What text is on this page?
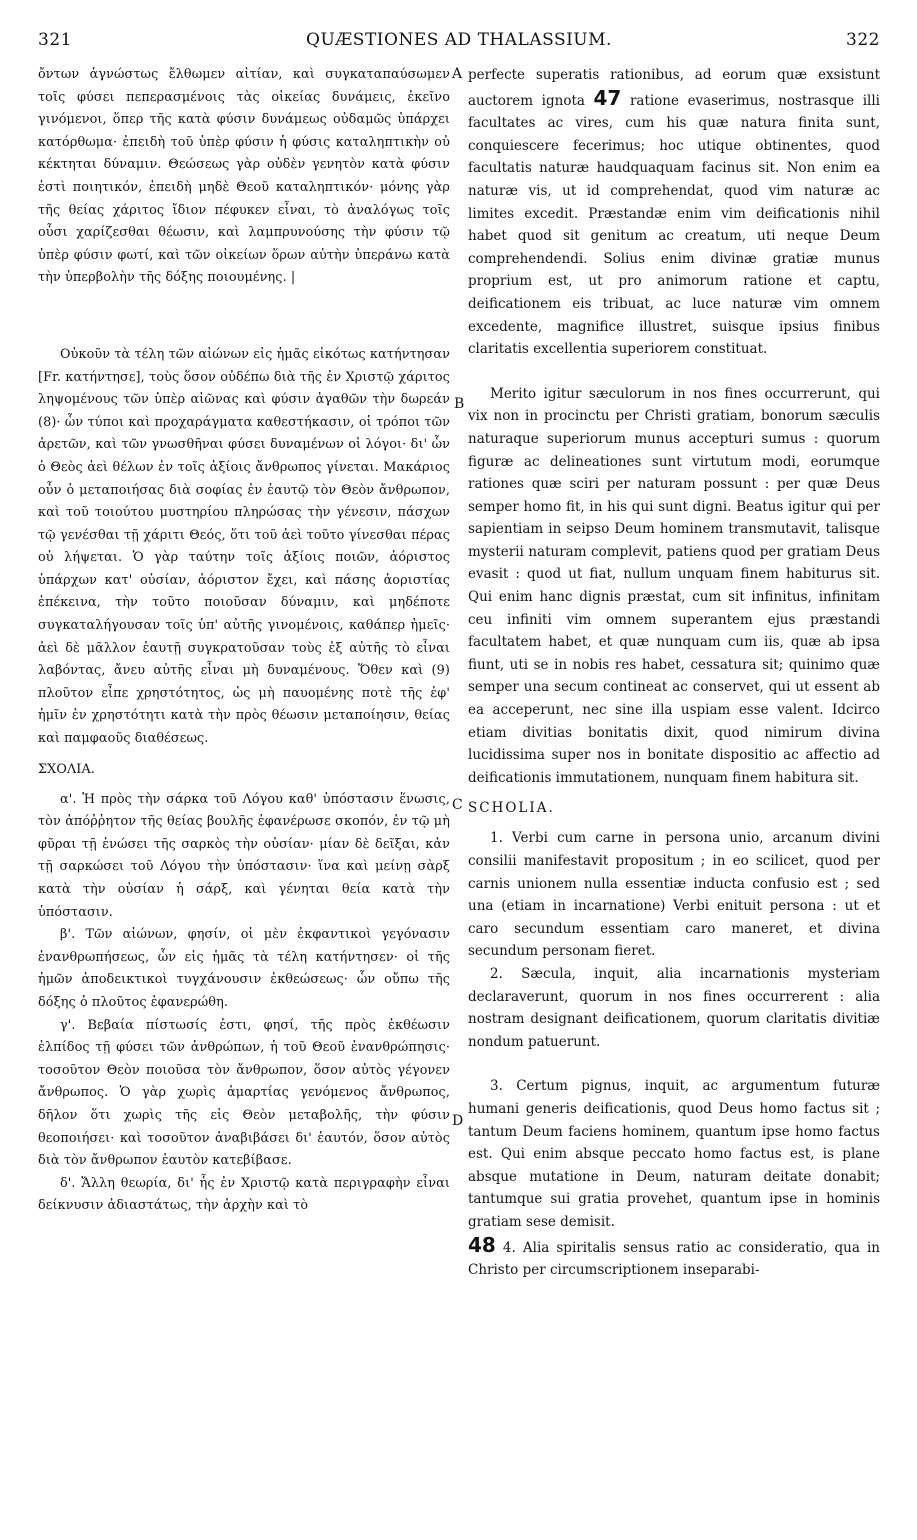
321	QUÆSTIONES AD THALASSIUM.	322
A
B
C
D

ὄντων ἀγνώστως ἔλθωμεν αἰτίαν, καὶ συγκαταπαύσωμεν τοῖς φύσει πεπερασμένοις τὰς οἰκείας δυνάμεις, ἐκεῖνο γινόμενοι, ὅπερ τῆς κατὰ φύσιν δυνάμεως οὐδαμῶς ὑπάρχει κατόρθωμα· ἐπειδὴ τοῦ ὑπὲρ φύσιν ἡ φύσις καταληπτικὴν οὐ κέκτηται δύναμιν. Θεώσεως γὰρ οὐδὲν γενητὸν κατὰ φύσιν ἐστὶ ποιητικόν, ἐπειδὴ μηδὲ Θεοῦ καταληπτικόν· μόνης γὰρ τῆς θείας χάριτος ἴδιον πέφυκεν εἶναι, τὸ ἀναλόγως τοῖς οὖσι χαρίζεσθαι θέωσιν, καὶ λαμπρυνούσης τὴν φύσιν τῷ ὑπὲρ φύσιν φωτί, καὶ τῶν οἰκείων ὅρων αὐτὴν ὑπεράνω κατὰ τὴν ὑπερβολὴν τῆς δόξης ποιουμένης. |

Οὐκοῦν τὰ τέλη τῶν αἰώνων εἰς ἡμᾶς εἰκότως κατήντησαν [Fr. κατήντησε], τοὺς ὅσον οὐδέπω διὰ τῆς ἐν Χριστῷ χάριτος ληψομένους τῶν ὑπὲρ αἰῶνας καὶ φύσιν ἀγαθῶν τὴν δωρεάν (8)· ὧν τύποι καὶ προχαράγματα καθεστήκασιν, οἱ τρόποι τῶν ἀρετῶν, καὶ τῶν γνωσθῆναι φύσει δυναμένων οἱ λόγοι· δι' ὧν ὁ Θεὸς ἀεὶ θέλων ἐν τοῖς ἀξίοις ἄνθρωπος γίνεται. Μακάριος οὖν ὁ μεταποιήσας διὰ σοφίας ἐν ἑαυτῷ τὸν Θεὸν ἄνθρωπον, καὶ τοῦ τοιούτου μυστηρίου πληρώσας τὴν γένεσιν, πάσχων τῷ γενέσθαι τῇ χάριτι Θεός, ὅτι τοῦ ἀεὶ τοῦτο γίνεσθαι πέρας οὐ λήψεται. Ὁ γὰρ ταύτην τοῖς ἀξίοις ποιῶν, ἀόριστος ὑπάρχων κατ' οὐσίαν, ἀόριστον ἔχει, καὶ πάσης ἀοριστίας ἐπέκεινα, τὴν τοῦτο ποιοῦσαν δύναμιν, καὶ μηδέποτε συγκαταλήγουσαν τοῖς ὑπ' αὐτῆς γινομένοις, καθάπερ ἡμεῖς· ἀεὶ δὲ μᾶλλον ἑαυτῇ συγκρατοῦσαν τοὺς ἐξ αὐτῆς τὸ εἶναι λαβόντας, ἄνευ αὐτῆς εἶναι μὴ δυναμένους. Ὅθεν καὶ (9) πλοῦτον εἶπε χρηστότητος, ὡς μὴ παυομένης ποτὲ τῆς ἐφ' ἡμῖν ἐν χρηστότητι κατὰ τὴν πρὸς θέωσιν μεταποίησιν, θείας καὶ παμφαοῦς διαθέσεως.

ΣΧΟΛΙΑ.

α'. Ἡ πρὸς τὴν σάρκα τοῦ Λόγου καθ' ὑπόστασιν ἕνωσις, τὸν ἀπόῤῥητον τῆς θείας βουλῆς ἐφανέρωσε σκοπόν, ἐν τῷ μὴ φῦραι τῇ ἑνώσει τῆς σαρκὸς τὴν οὐσίαν· μίαν δὲ δεῖξαι, κἀν τῇ σαρκώσει τοῦ Λόγου τὴν ὑπόστασιν· ἵνα καὶ μείνῃ σὰρξ κατὰ τὴν οὐσίαν ἡ σάρξ, καὶ γένηται θεία κατὰ τὴν ὑπόστασιν.

β'. Τῶν αἰώνων, φησίν, οἱ μὲν ἐκφαντικοὶ γεγόνασιν ἐνανθρωπήσεως, ὧν εἰς ἡμᾶς τὰ τέλη κατήντησεν· οἱ τῆς ἡμῶν ἀποδεικτικοὶ τυγχάνουσιν ἐκθεώσεως· ὧν οὔπω τῆς δόξης ὁ πλοῦτος ἐφανερώθη.

γ'. Βεβαία πίστωσίς ἐστι, φησί, τῆς πρὸς ἐκθέωσιν ἐλπίδος τῇ φύσει τῶν ἀνθρώπων, ἡ τοῦ Θεοῦ ἐνανθρώπησις· τοσοῦτον Θεὸν ποιοῦσα τὸν ἄνθρωπον, ὅσον αὐτὸς γέγονεν ἄνθρωπος. Ὁ γὰρ χωρὶς ἁμαρτίας γενόμενος ἄνθρωπος, δῆλον ὅτι χωρὶς τῆς εἰς Θεὸν μεταβολῆς, τὴν φύσιν θεοποιήσει· καὶ τοσοῦτον ἀναβιβάσει δι' ἑαυτόν, ὅσον αὐτὸς διὰ τὸν ἄνθρωπον ἑαυτὸν κατεβίβασε.

δ'. Ἄλλη θεωρία, δι' ἧς ἐν Χριστῷ κατὰ περιγραφὴν εἶναι δείκνυσιν ἀδιαστάτως, τὴν ἀρχὴν καὶ τὸ

perfecte superatis rationibus, ad eorum quæ exsistunt auctorem ignota 47 ratione evaserimus, nostrasque illi facultates ac vires, cum his quæ natura finita sunt, conquiescere fecerimus; hoc utique obtinentes, quod facultatis naturæ haudquaquam facinus sit. Non enim ea naturæ vis, ut id comprehendat, quod vim naturæ ac limites excedit. Præstandæ enim vim deificationis nihil habet quod sit genitum ac creatum, uti neque Deum comprehendendi. Solius enim divinæ gratiæ munus proprium est, ut pro animorum ratione et captu, deificationem eis tribuat, ac luce naturæ vim omnem excedente, magnifice illustret, suisque ipsius finibus claritatis excellentia superiorem constituat.

Merito igitur sæculorum in nos fines occurrerunt, qui vix non in procinctu per Christi gratiam, bonorum sæculis naturaque superiorum munus accepturi sumus : quorum figuræ ac delineationes sunt virtutum modi, eorumque rationes quæ sciri per naturam possunt : per quæ Deus semper homo fit, in his qui sunt digni. Beatus igitur qui per sapientiam in seipso Deum hominem transmutavit, talisque mysterii naturam complevit, patiens quod per gratiam Deus evasit : quod ut fiat, nullum unquam finem habiturus sit. Qui enim hanc dignis præstat, cum sit infinitus, infinitam ceu infiniti vim omnem superantem ejus præstandi facultatem habet, et quæ nunquam cum iis, quæ ab ipsa fiunt, uti se in nobis res habet, cessatura sit; quinimo quæ semper una secum contineat ac conservet, qui ut essent ab ea acceperunt, nec sine illa uspiam esse valent. Idcirco etiam divitias bonitatis dixit, quod nimirum divina lucidissima super nos in bonitate dispositio ac affectio ad deificationis immutationem, nunquam finem habitura sit.

SCHOLIA.

1. Verbi cum carne in persona unio, arcanum divini consilii manifestavit propositum ; in eo scilicet, quod per carnis unionem nulla essentiæ inducta confusio est ; sed una (etiam in incarnatione) Verbi enituit persona : ut et caro secundum essentiam caro maneret, et divina secundum personam fieret.

2. Sæcula, inquit, alia incarnationis mysteriam declaraverunt, quorum in nos fines occurrerent : alia nostram designant deificationem, quorum claritatis divitiæ nondum patuerunt.

3. Certum pignus, inquit, ac argumentum futuræ humani generis deificationis, quod Deus homo factus sit ; tantum Deum faciens hominem, quantum ipse homo factus est. Qui enim absque peccato homo factus est, is plane absque mutatione in Deum, naturam deitate donabit; tantumque sui gratia provehet, quantum ipse in hominis gratiam sese demisit.

48 4. Alia spiritalis sensus ratio ac consideratio, qua in Christo per circumscriptionem inseparabi-
